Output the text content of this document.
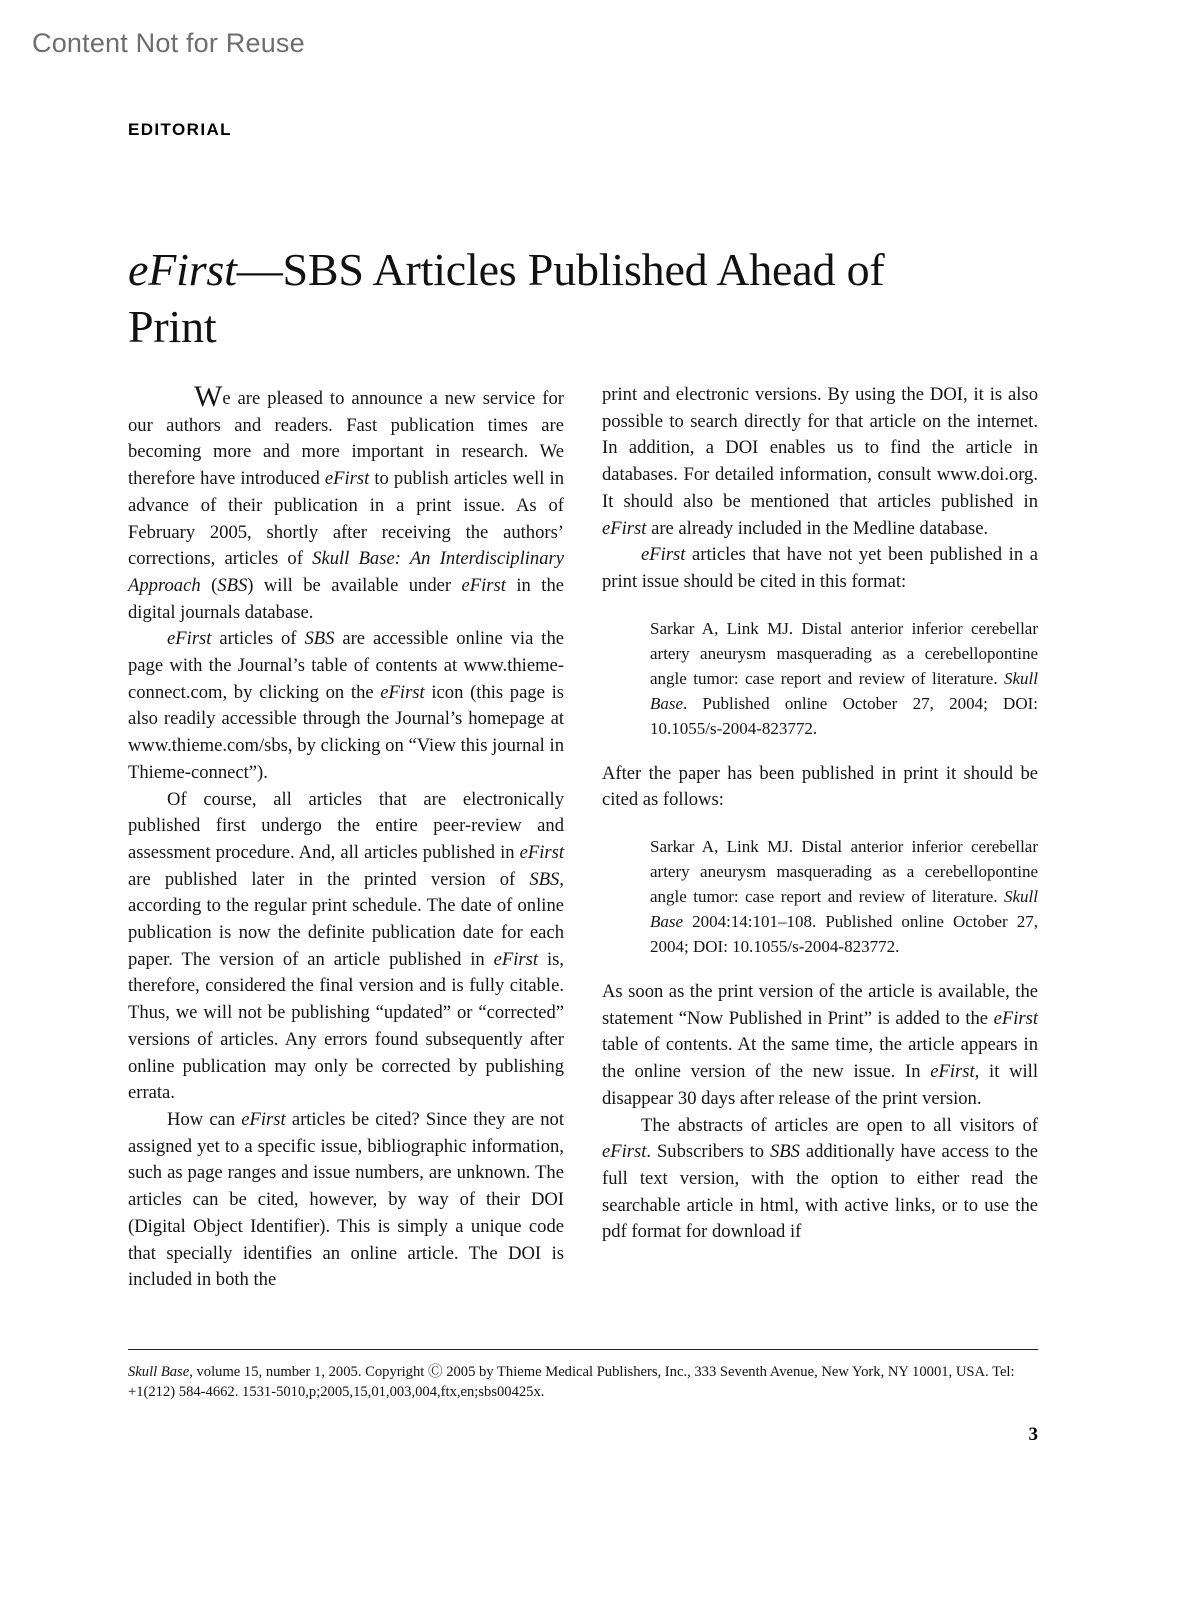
Content Not for Reuse
EDITORIAL
eFirst—SBS Articles Published Ahead of Print

We are pleased to announce a new service for our authors and readers. Fast publication times are becoming more and more important in research. We therefore have introduced eFirst to publish articles well in advance of their publication in a print issue. As of February 2005, shortly after receiving the authors’ corrections, articles of Skull Base: An Interdisciplinary Approach (SBS) will be available under eFirst in the digital journals database.

eFirst articles of SBS are accessible online via the page with the Journal’s table of contents at www.thieme-connect.com, by clicking on the eFirst icon (this page is also readily accessible through the Journal’s homepage at www.thieme.com/sbs, by clicking on “View this journal in Thieme-connect”).

Of course, all articles that are electronically published first undergo the entire peer-review and assessment procedure. And, all articles published in eFirst are published later in the printed version of SBS, according to the regular print schedule. The date of online publication is now the definite publication date for each paper. The version of an article published in eFirst is, therefore, considered the final version and is fully citable. Thus, we will not be publishing “updated” or “corrected” versions of articles. Any errors found subsequently after online publication may only be corrected by publishing errata.

How can eFirst articles be cited? Since they are not assigned yet to a specific issue, bibliographic information, such as page ranges and issue numbers, are unknown. The articles can be cited, however, by way of their DOI (Digital Object Identifier). This is simply a unique code that specially identifies an online article. The DOI is included in both the

print and electronic versions. By using the DOI, it is also possible to search directly for that article on the internet. In addition, a DOI enables us to find the article in databases. For detailed information, consult www.doi.org. It should also be mentioned that articles published in eFirst are already included in the Medline database.

eFirst articles that have not yet been published in a print issue should be cited in this format:

Sarkar A, Link MJ. Distal anterior inferior cerebellar artery aneurysm masquerading as a cerebellopontine angle tumor: case report and review of literature. Skull Base. Published online October 27, 2004; DOI: 10.1055/s-2004-823772.

After the paper has been published in print it should be cited as follows:

Sarkar A, Link MJ. Distal anterior inferior cerebellar artery aneurysm masquerading as a cerebellopontine angle tumor: case report and review of literature. Skull Base 2004:14:101–108. Published online October 27, 2004; DOI: 10.1055/s-2004-823772.

As soon as the print version of the article is available, the statement “Now Published in Print” is added to the eFirst table of contents. At the same time, the article appears in the online version of the new issue. In eFirst, it will disappear 30 days after release of the print version.

The abstracts of articles are open to all visitors of eFirst. Subscribers to SBS additionally have access to the full text version, with the option to either read the searchable article in html, with active links, or to use the pdf format for download if

Skull Base, volume 15, number 1, 2005. Copyright Ⓒ 2005 by Thieme Medical Publishers, Inc., 333 Seventh Avenue, New York, NY 10001, USA. Tel: +1(212) 584-4662. 1531-5010,p;2005,15,01,003,004,ftx,en;sbs00425x.
3
